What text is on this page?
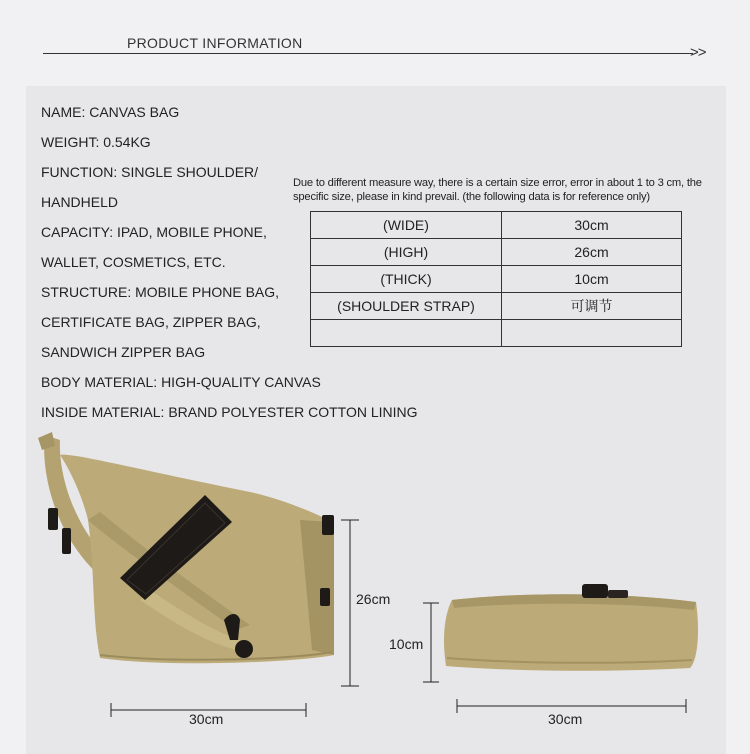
PRODUCT INFORMATION
>>
NAME: CANVAS BAG
WEIGHT: 0.54KG
FUNCTION: SINGLE SHOULDER/
HANDHELD
CAPACITY: IPAD, MOBILE PHONE,
WALLET, COSMETICS, ETC.
STRUCTURE: MOBILE PHONE BAG,
CERTIFICATE BAG, ZIPPER BAG,
SANDWICH ZIPPER BAG
BODY MATERIAL: HIGH-QUALITY CANVAS
INSIDE MATERIAL: BRAND POLYESTER COTTON LINING
Due to different measure way, there is a certain size error, error in about 1 to 3 cm, the specific size, please in kind prevail. (the following data is for reference only)
(WIDE)	30cm
(HIGH)	26cm
(THICK)	10cm
(SHOULDER STRAP)	可调节

26cm
30cm
10cm
30cm
